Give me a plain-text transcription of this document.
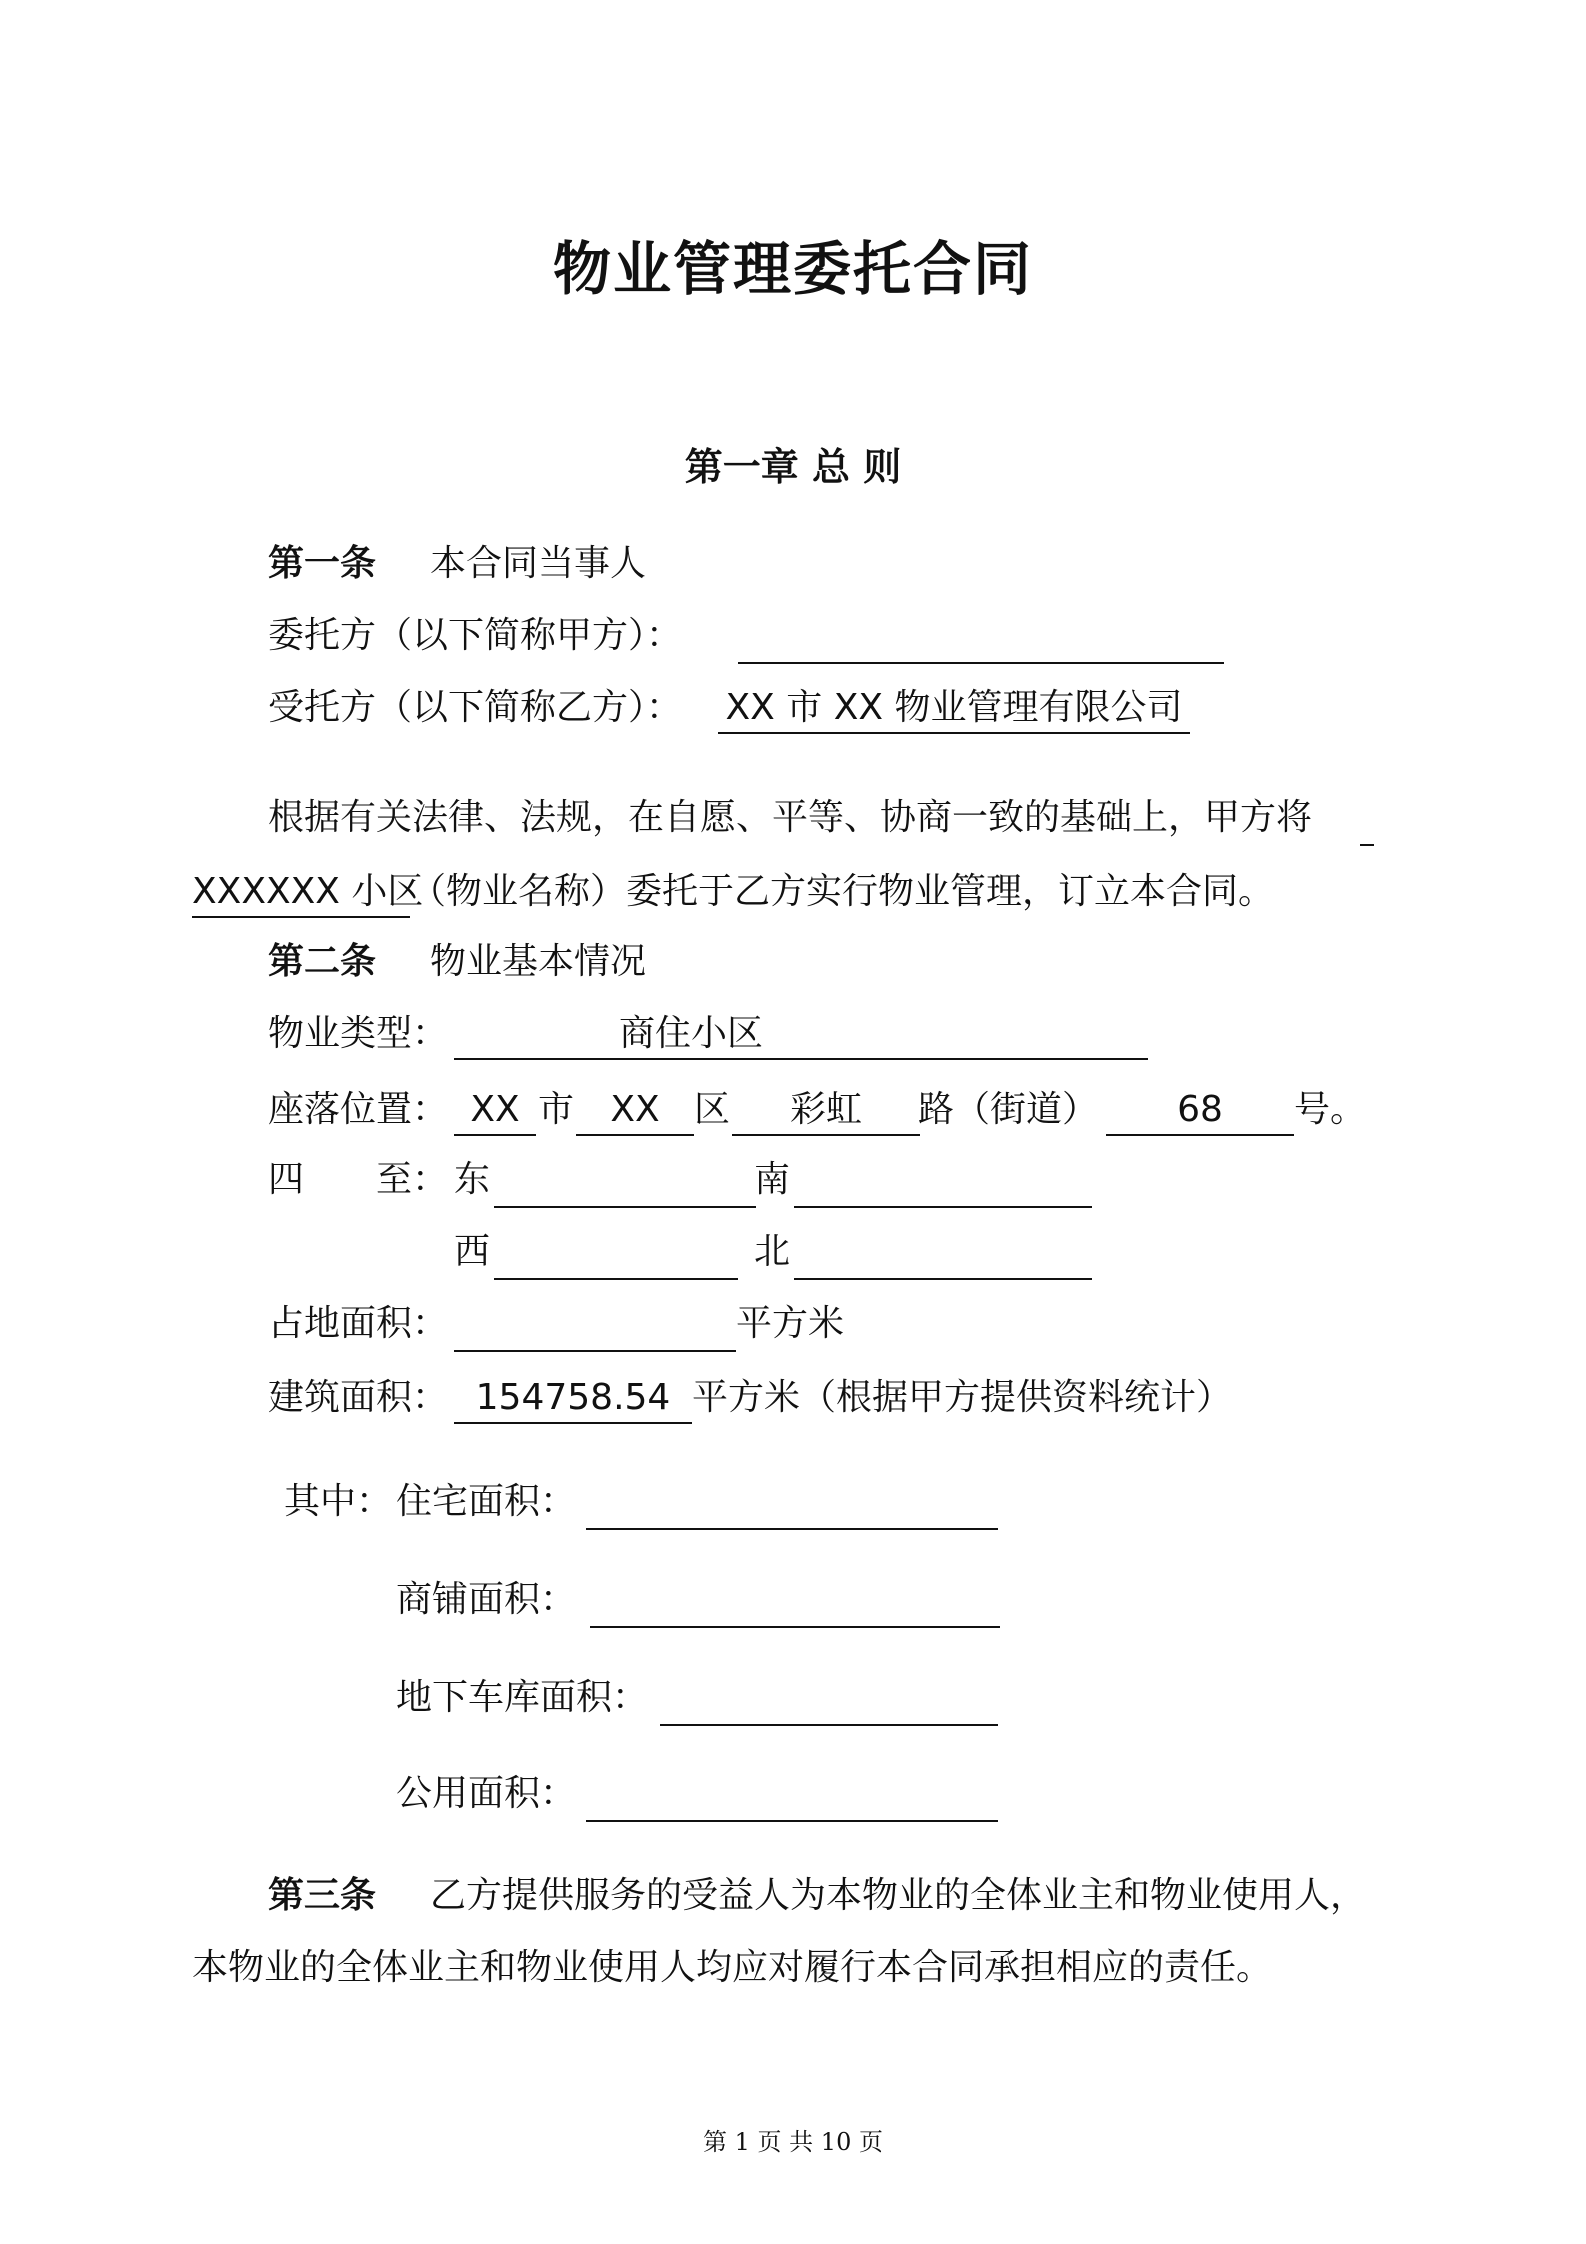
物业管理委托合同
第一章 总 则
第一条 本合同当事人
委托方（以下简称甲方）：
受托方（以下简称乙方）： XX 市 XX 物业管理有限公司
根据有关法律、法规，在自愿、平等、协商一致的基础上，甲方将
XXXXXX 小区
（物业名称）委托于乙方实行物业管理，订立本合同。
第二条 物业基本情况
物业类型：	商住小区
座落位置： XX 市	XX 区	彩虹	路（街道）	68	号。
四　　至： 东	南
西	北
占地面积：	平方米
建筑面积： 154758.54 平方米（根据甲方提供资料统计）
其中： 住宅面积：
商铺面积：
地下车库面积：
公用面积：
第三条 乙方提供服务的受益人为本物业的全体业主和物业使用人，
本物业的全体业主和物业使用人均应对履行本合同承担相应的责任。
第 1 页 共 10 页
